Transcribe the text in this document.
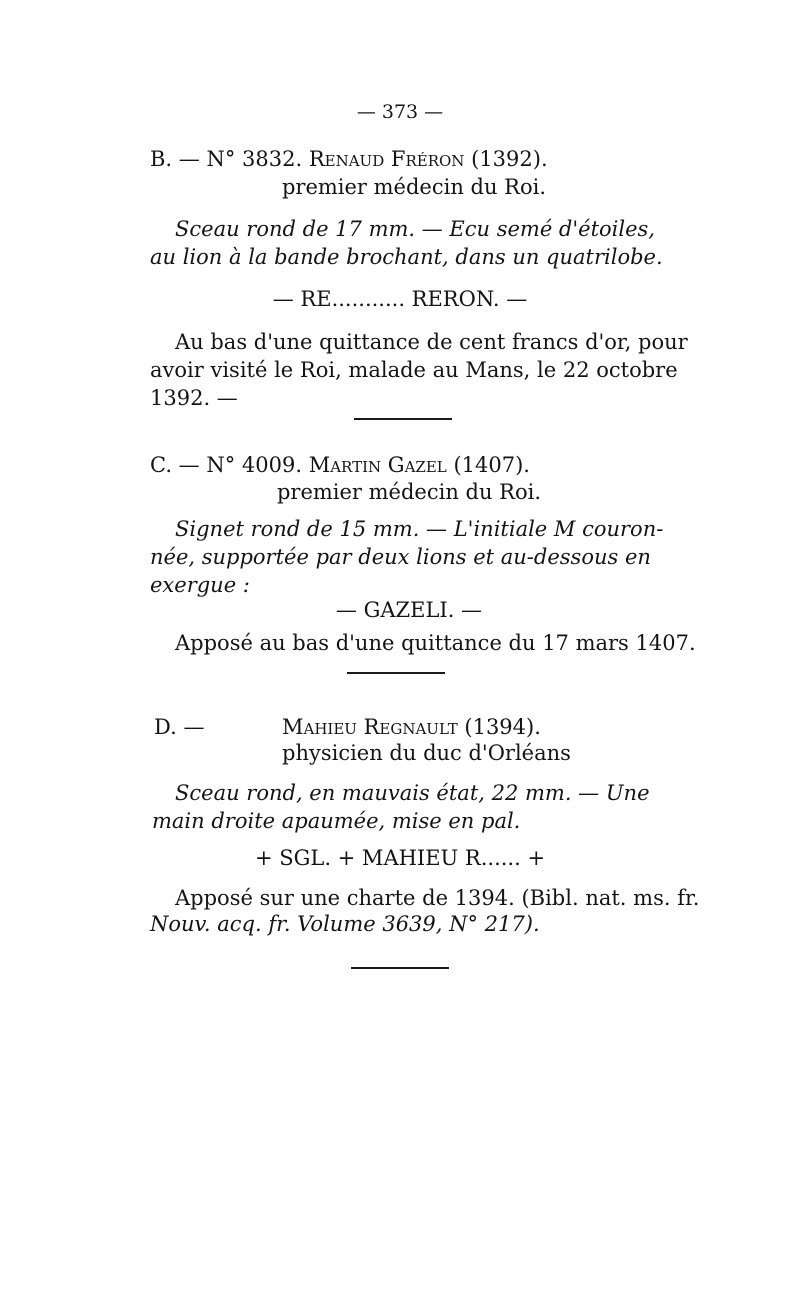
— 373 —
B. — N° 3832. Renaud Fréron (1392).
premier médecin du Roi.
Sceau rond de 17 mm. — Ecu semé d'étoiles,
au lion à la bande brochant, dans un quatrilobe.
— RE........... RERON. —
Au bas d'une quittance de cent francs d'or, pour
avoir visité le Roi, malade au Mans, le 22 octobre
1392. —
C. — N° 4009. Martin Gazel (1407).
premier médecin du Roi.
Signet rond de 15 mm. — L'initiale M couron-
née, supportée par deux lions et au-dessous en
exergue :
— GAZELI. —
Apposé au bas d'une quittance du 17 mars 1407.
D. —	Mahieu Regnault (1394).
physicien du duc d'Orléans
Sceau rond, en mauvais état, 22 mm. — Une
main droite apaumée, mise en pal.
+ SGL. + MAHIEU R...... +
Apposé sur une charte de 1394. (Bibl. nat. ms. fr.
Nouv. acq. fr. Volume 3639, N° 217).
